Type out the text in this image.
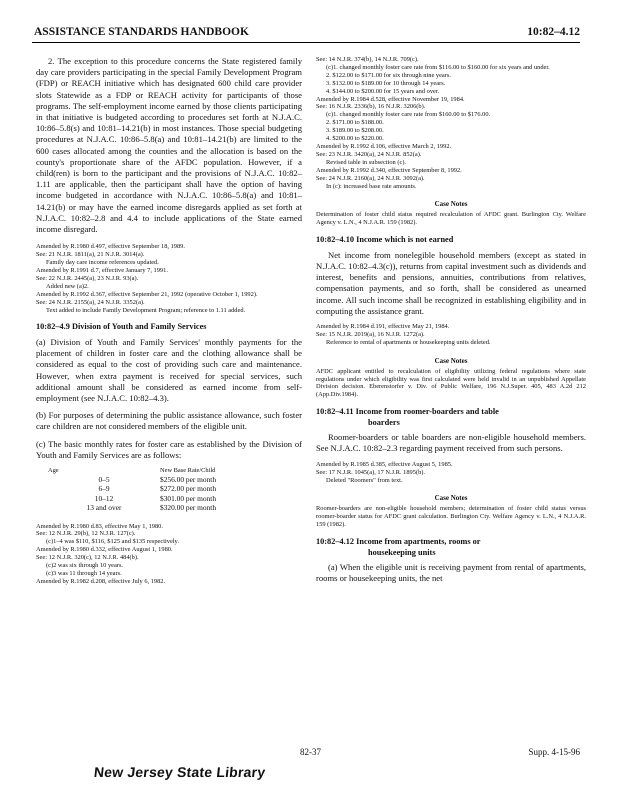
ASSISTANCE STANDARDS HANDBOOK	10:82–4.12

2. The exception to this procedure concerns the State registered family day care providers participating in the special Family Development Program (FDP) or REACH initiative which has designated 600 child care provider slots Statewide as a FDP or REACH activity for participants of those programs. The self-employment income earned by those clients participating in that initiative is budgeted according to procedures set forth at N.J.A.C. 10:86–5.8(s) and 10:81–14.21(b) in most instances. Those special budgeting procedures at N.J.A.C. 10:86–5.8(a) and 10:81–14.21(b) are limited to the 600 cases allocated among the counties and the allocation is based on the county's proportionate share of the AFDC population. However, if a child(ren) is born to the participant and the provisions of N.J.A.C. 10:82–1.11 are applicable, then the participant shall have the option of having income budgeted in accordance with N.J.A.C. 10:86–5.8(a) and 10:81–14.21(b) or may have the earned income disregards applied as set forth at N.J.A.C. 10:82–2.8 and 4.4 to include applications of the State earned income disregard.

Amended by R.1980 d.497, effective September 18, 1989.
See: 21 N.J.R. 1811(a), 21 N.J.R. 3014(a).
Family day care income references updated.
Amended by R.1991 d.7, effective January 7, 1991.
See: 22 N.J.R. 2445(a), 23 N.J.R. 93(a).
Added new (a)2.
Amended by R.1992 d.367, effective September 21, 1992 (operative October 1, 1992).
See: 24 N.J.R. 2155(a), 24 N.J.R. 3352(a).
Text added to include Family Development Program; reference to 1.11 added.
10:82–4.9 Division of Youth and Family Services

(a) Division of Youth and Family Services' monthly payments for the placement of children in foster care and the clothing allowance shall be considered as equal to the cost of providing such care and maintenance. However, when extra payment is received for special services, such additional amount shall be considered as earned income from self-employment (see N.J.A.C. 10:82–4.3).

(b) For purposes of determining the public assistance allowance, such foster care children are not considered members of the eligible unit.

(c) The basic monthly rates for foster care as established by the Division of Youth and Family Services are as follows:

Age	New Base Rate/Child
0–5	$256.00 per month
6–9	$272.00 per month
10–12	$301.00 per month
13 and over	$320.00 per month
Amended by R.1980 d.83, effective May 1, 1980.
See: 12 N.J.R. 29(b), 12 N.J.R. 127(c).
(c)1–4 was $110, $116, $125 and $135 respectively.
Amended by R.1980 d.332, effective August 1, 1980.
See: 12 N.J.R. 320(c), 12 N.J.R. 484(b).
(c)2 was six through 10 years.
(c)3 was 11 through 14 years.
Amended by R.1982 d.208, effective July 6, 1982.
See: 14 N.J.R. 374(b), 14 N.J.R. 709(c).
(c)1. changed monthly foster care rate from $116.00 to $160.00 for six years and under.
2. $122.00 to $171.00 for six through nine years.
3. $132.00 to $189.00 for 10 through 14 years.
4. $144.00 to $200.00 for 15 years and over.
Amended by R.1984 d.528, effective November 19, 1984.
See: 16 N.J.R. 2336(b), 16 N.J.R. 3206(b).
(c)1. changed monthly foster care rate from $160.00 to $176.00.
2. $171.00 to $188.00.
3. $189.00 to $208.00.
4. $200.00 to $220.00.
Amended by R.1992 d.106, effective March 2, 1992.
See: 23 N.J.R. 3420(a), 24 N.J.R. 852(a).
Revised table in subsection (c).
Amended by R.1992 d.340, effective September 8, 1992.
See: 24 N.J.R. 2160(a), 24 N.J.R. 3092(a).
In (c): increased base rate amounts.
Case Notes

Determination of foster child status required recalculation of AFDC grant. Burlington Cty. Welfare Agency v. L.N., 4 N.J.A.R. 159 (1982).

10:82–4.10 Income which is not earned

Net income from nonelegible household members (except as stated in N.J.A.C. 10:82–4.3(c)), returns from capital investment such as dividends and interest, benefits and pensions, annuities, contributions from relatives, compensation payments, and so forth, shall be considered as unearned income. All such income shall be recognized in establishing eligibility and in computing the assistance grant.

Amended by R.1984 d.191, effective May 21, 1984.
See: 15 N.J.R. 2019(a), 16 N.J.R. 1272(a).
Reference to rental of apartments or housekeeping units deleted.
Case Notes

AFDC applicant entitled to recalculation of eligibility utilizing federal regulations where state regulations under which eligibility was first calculated were held invalid in an unpublished Appellate Division decision. Eberenstorfer v. Div. of Public Welfare, 196 N.J.Super. 405, 483 A.2d 212 (App.Div.1984).

10:82–4.11 Income from roomer-boarders and table
boarders

Roomer-boarders or table boarders are non-eligible household members. See N.J.A.C. 10:82–2.3 regarding payment received from such persons.

Amended by R.1985 d.385, effective August 5, 1985.
See: 17 N.J.R. 1045(a), 17 N.J.R. 1895(b).
Deleted "Roomers" from text.
Case Notes

Roomer-boarders are non-eligible household members; determination of foster child status versus roomer-boarder status for AFDC grant calculation. Burlington Cty. Welfare Agency v. L.N., 4 N.J.A.R. 159 (1982).

10:82–4.12 Income from apartments, rooms or
housekeeping units

(a) When the eligible unit is receiving payment from rental of apartments, rooms or housekeeping units, the net

82-37	Supp. 4-15-96
New Jersey State Library
